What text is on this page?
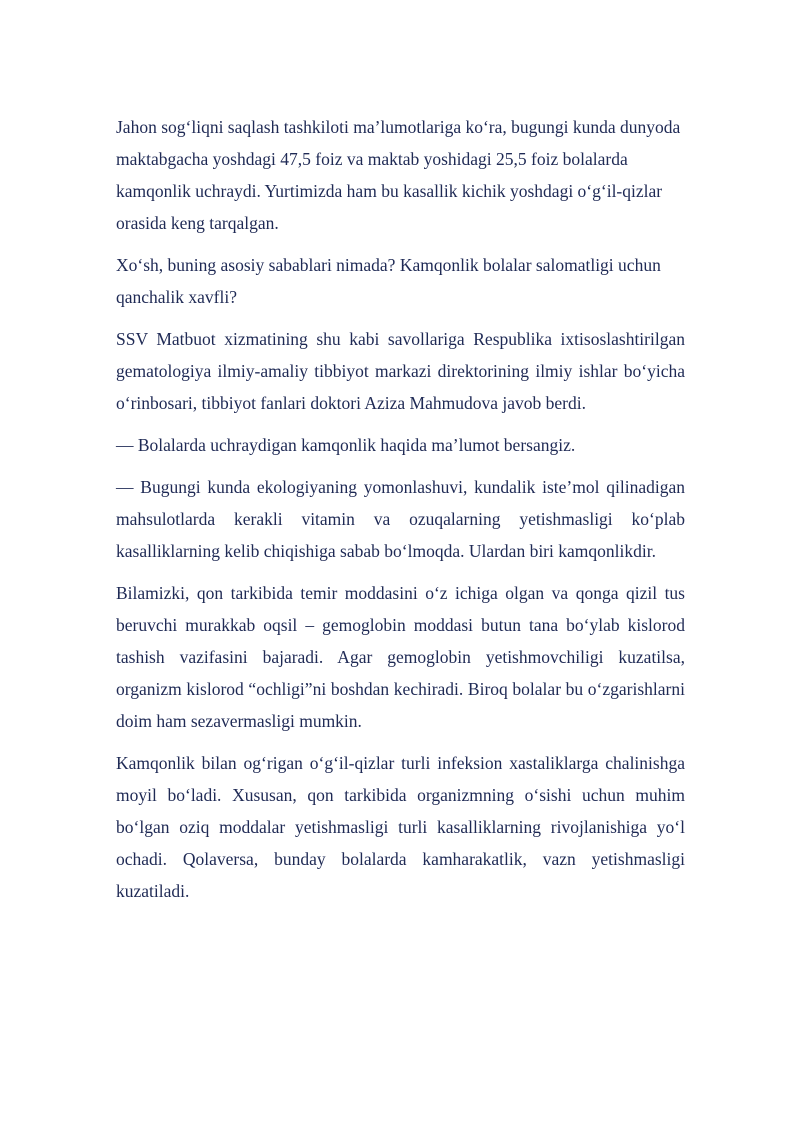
Jahon sog‘liqni saqlash tashkiloti ma’lumotlariga ko‘ra, bugungi kunda dunyoda maktabgacha yoshdagi 47,5 foiz va maktab yoshidagi 25,5 foiz bolalarda kamqonlik uchraydi. Yurtimizda ham bu kasallik kichik yoshdagi o‘g‘il-qizlar orasida keng tarqalgan.

Xo‘sh, buning asosiy sabablari nimada? Kamqonlik bolalar salomatligi uchun qanchalik xavfli?

SSV Matbuot xizmatining shu kabi savollariga Respublika ixtisoslashtirilgan gematologiya ilmiy-amaliy tibbiyot markazi direktorining ilmiy ishlar bo‘yicha o‘rinbosari, tibbiyot fanlari doktori Aziza Mahmudova javob berdi.

— Bolalarda uchraydigan kamqonlik haqida ma’lumot bersangiz.

— Bugungi kunda ekologiyaning yomonlashuvi, kundalik iste’mol qilinadigan mahsulotlarda kerakli vitamin va ozuqalarning yetishmasligi ko‘plab kasalliklarning kelib chiqishiga sabab bo‘lmoqda. Ulardan biri kamqonlikdir.

Bilamizki, qon tarkibida temir moddasini o‘z ichiga olgan va qonga qizil tus beruvchi murakkab oqsil – gemoglobin moddasi butun tana bo‘ylab kislorod tashish vazifasini bajaradi. Agar gemoglobin yetishmovchiligi kuzatilsa, organizm kislorod “ochligi”ni boshdan kechiradi. Biroq bolalar bu o‘zgarishlarni doim ham sezavermasligi mumkin.

Kamqonlik bilan og‘rigan o‘g‘il-qizlar turli infeksion xastaliklarga chalinishga moyil bo‘ladi. Xususan, qon tarkibida organizmning o‘sishi uchun muhim bo‘lgan oziq moddalar yetishmasligi turli kasalliklarning rivojlanishiga yo‘l ochadi. Qolaversa, bunday bolalarda kamharakatlik, vazn yetishmasligi kuzatiladi.
